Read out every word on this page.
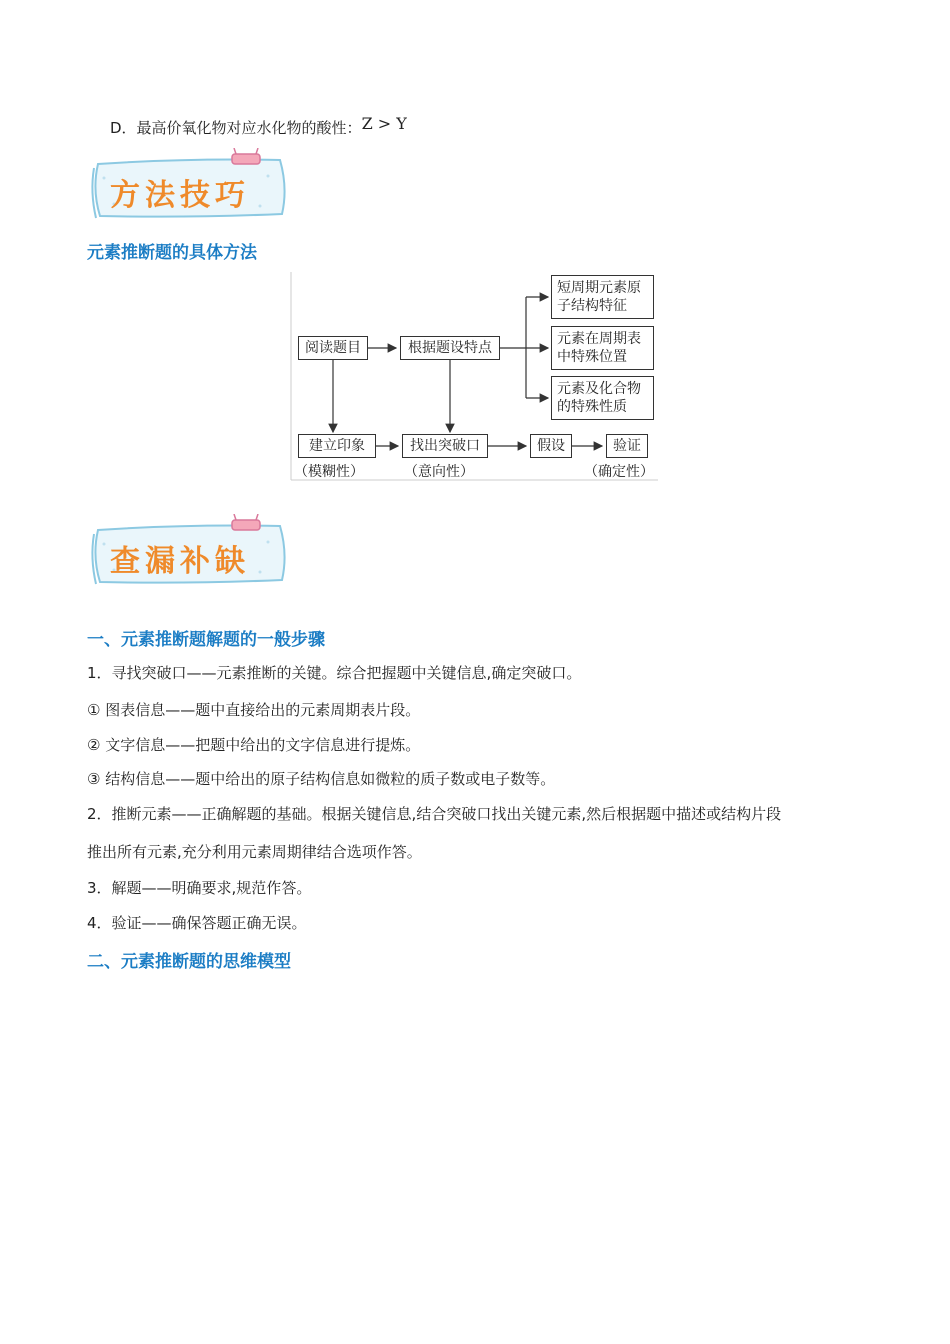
D．最高价氧化物对应水化物的酸性：Z > Y
方法技巧
元素推断题的具体方法
阅读题目	根据题设特点
短周期元素原
子结构特征
元素在周期表
中特殊位置
元素及化合物
的特殊性质
建立印象	找出突破口	假设	验证
（模糊性）	（意向性）	（确定性）
查漏补缺
一、元素推断题解题的一般步骤
1．寻找突破口——元素推断的关键。综合把握题中关键信息,确定突破口。
① 图表信息——题中直接给出的元素周期表片段。
② 文字信息——把题中给出的文字信息进行提炼。
③ 结构信息——题中给出的原子结构信息如微粒的质子数或电子数等。
2．推断元素——正确解题的基础。根据关键信息,结合突破口找出关键元素,然后根据题中描述或结构片段
推出所有元素,充分利用元素周期律结合选项作答。
3．解题——明确要求,规范作答。
4．验证——确保答题正确无误。
二、元素推断题的思维模型
